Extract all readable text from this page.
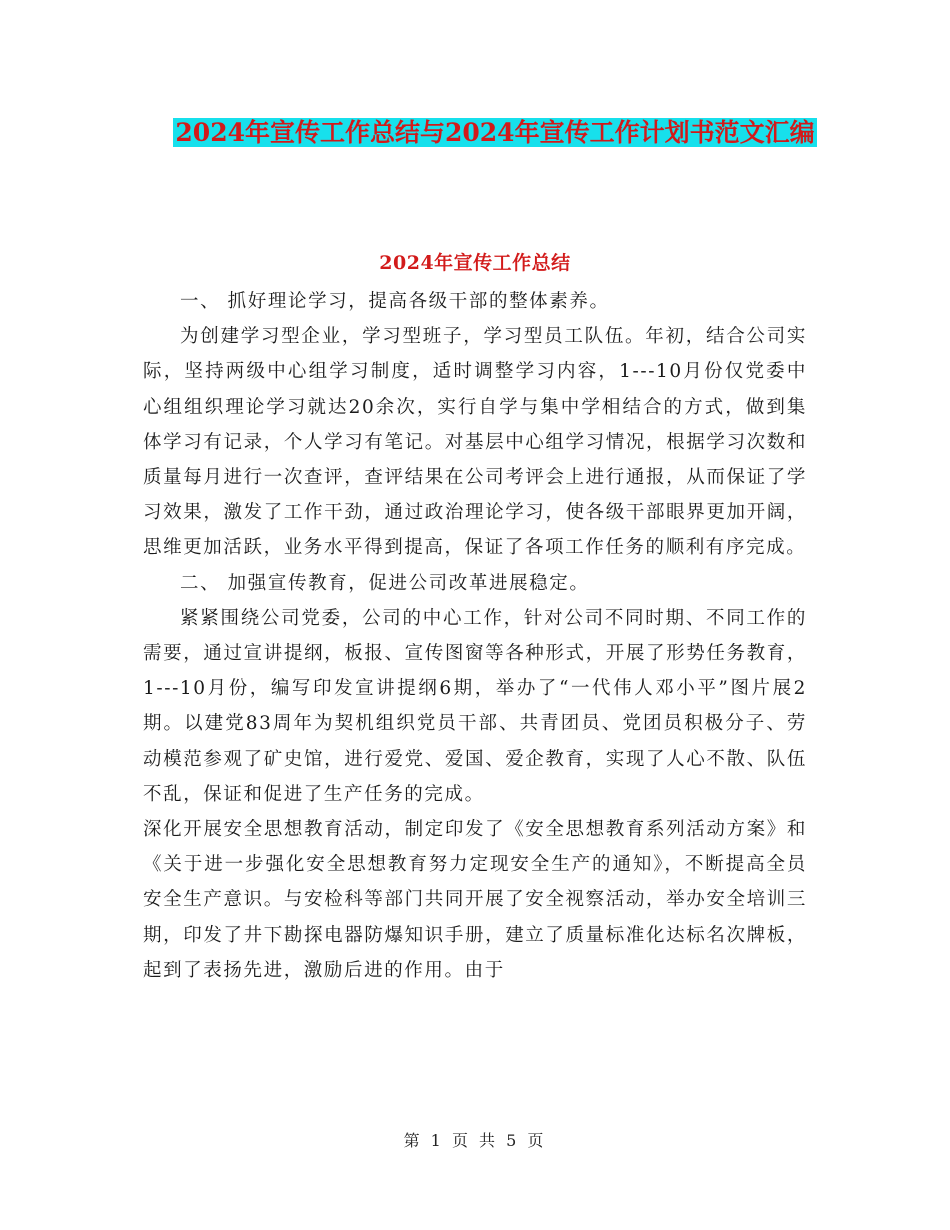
2024年宣传工作总结与2024年宣传工作计划书范文汇编
2024年宣传工作总结

一、 抓好理论学习，提高各级干部的整体素养。

为创建学习型企业，学习型班子，学习型员工队伍。年初，结合公司实际，坚持两级中心组学习制度，适时调整学习内容，1---10月份仅党委中心组组织理论学习就达20余次，实行自学与集中学相结合的方式，做到集体学习有记录，个人学习有笔记。对基层中心组学习情况，根据学习次数和质量每月进行一次查评，查评结果在公司考评会上进行通报，从而保证了学习效果，激发了工作干劲，通过政治理论学习，使各级干部眼界更加开阔，思维更加活跃，业务水平得到提高，保证了各项工作任务的顺利有序完成。

二、 加强宣传教育，促进公司改革进展稳定。

紧紧围绕公司党委，公司的中心工作，针对公司不同时期、不同工作的需要，通过宣讲提纲，板报、宣传图窗等各种形式，开展了形势任务教育，1---10月份，编写印发宣讲提纲6期，举办了“一代伟人邓小平”图片展2期。以建党83周年为契机组织党员干部、共青团员、党团员积极分子、劳动模范参观了矿史馆，进行爱党、爱国、爱企教育，实现了人心不散、队伍不乱，保证和促进了生产任务的完成。

深化开展安全思想教育活动，制定印发了《安全思想教育系列活动方案》和《关于进一步强化安全思想教育努力定现安全生产的通知》，不断提高全员安全生产意识。与安检科等部门共同开展了安全视察活动，举办安全培训三期，印发了井下勘探电器防爆知识手册，建立了质量标准化达标名次牌板，起到了表扬先进，激励后进的作用。由于

第 1 页 共 5 页
